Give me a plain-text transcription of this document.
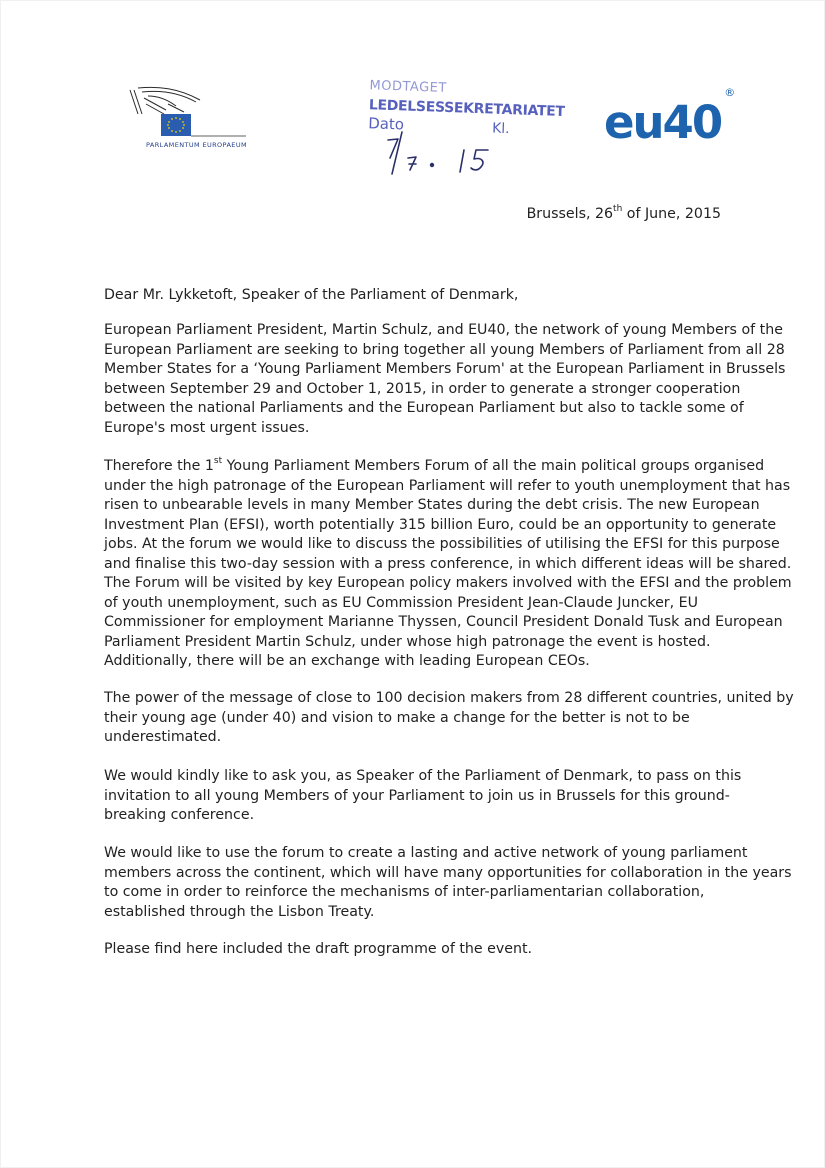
PARLAMENTUM EUROPAEUM
MODTAGET
LEDELSESSEKRETARIATET
Dato	Kl. eu40®
Brussels, 26th of June, 2015
Dear Mr. Lykketoft, Speaker of the Parliament of Denmark,
European Parliament President, Martin Schulz, and EU40, the network of young Members of the
European Parliament are seeking to bring together all young Members of Parliament from all 28
Member States for a ‘Young Parliament Members Forum' at the European Parliament in Brussels
between September 29 and October 1, 2015, in order to generate a stronger cooperation
between the national Parliaments and the European Parliament but also to tackle some of
Europe's most urgent issues.
Therefore the 1st Young Parliament Members Forum of all the main political groups organised
under the high patronage of the European Parliament will refer to youth unemployment that has
risen to unbearable levels in many Member States during the debt crisis. The new European
Investment Plan (EFSI), worth potentially 315 billion Euro, could be an opportunity to generate
jobs. At the forum we would like to discuss the possibilities of utilising the EFSI for this purpose
and finalise this two-day session with a press conference, in which different ideas will be shared.
The Forum will be visited by key European policy makers involved with the EFSI and the problem
of youth unemployment, such as EU Commission President Jean-Claude Juncker, EU
Commissioner for employment Marianne Thyssen, Council President Donald Tusk and European
Parliament President Martin Schulz, under whose high patronage the event is hosted.
Additionally, there will be an exchange with leading European CEOs.
The power of the message of close to 100 decision makers from 28 different countries, united by
their young age (under 40) and vision to make a change for the better is not to be
underestimated.
We would kindly like to ask you, as Speaker of the Parliament of Denmark, to pass on this
invitation to all young Members of your Parliament to join us in Brussels for this ground-
breaking conference.
We would like to use the forum to create a lasting and active network of young parliament
members across the continent, which will have many opportunities for collaboration in the years
to come in order to reinforce the mechanisms of inter-parliamentarian collaboration,
established through the Lisbon Treaty.
Please find here included the draft programme of the event.
